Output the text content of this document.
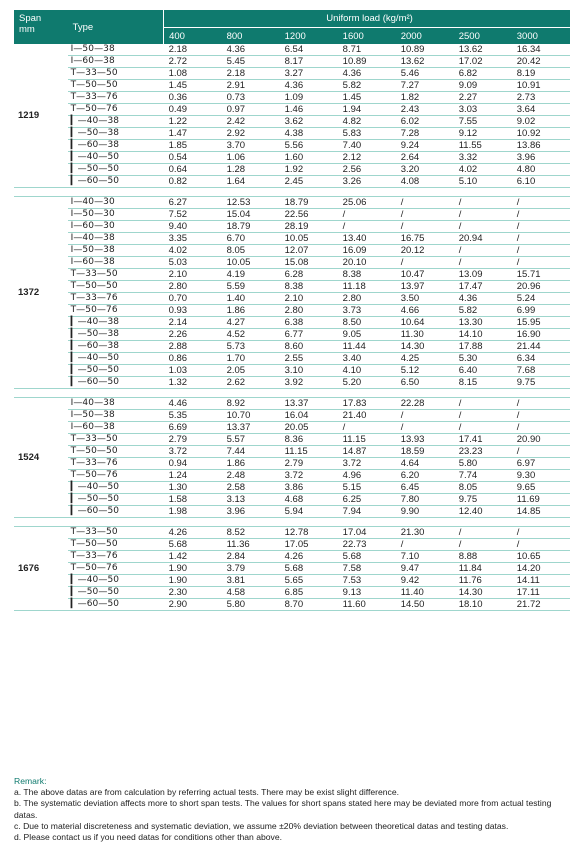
Span
mm	Type	Uniform load (kg/m²)						
		400	800	1200	1600	2000	2500	3000
1219	I—50—38	2.18	4.36	6.54	8.71	10.89	13.62	16.34
	I—60—38	2.72	5.45	8.17	10.89	13.62	17.02	20.42
	T—33—50	1.08	2.18	3.27	4.36	5.46	6.82	8.19
	T—50—50	1.45	2.91	4.36	5.82	7.27	9.09	10.91
	T—33—76	0.36	0.73	1.09	1.45	1.82	2.27	2.73
	T—50—76	0.49	0.97	1.46	1.94	2.43	3.03	3.64
	▎—40—38	1.22	2.42	3.62	4.82	6.02	7.55	9.02
	▎—50—38	1.47	2.92	4.38	5.83	7.28	9.12	10.92
	▎—60—38	1.85	3.70	5.56	7.40	9.24	11.55	13.86
	▎—40—50	0.54	1.06	1.60	2.12	2.64	3.32	3.96
	▎—50—50	0.64	1.28	1.92	2.56	3.20	4.02	4.80
	▎—60—50	0.82	1.64	2.45	3.26	4.08	5.10	6.10

1372	I—40—30	6.27	12.53	18.79	25.06	/	/	/
	I—50—30	7.52	15.04	22.56	/	/	/	/
	I—60—30	9.40	18.79	28.19	/	/	/	/
	I—40—38	3.35	6.70	10.05	13.40	16.75	20.94	/
	I—50—38	4.02	8.05	12.07	16.09	20.12	/	/
	I—60—38	5.03	10.05	15.08	20.10	/	/	/
	T—33—50	2.10	4.19	6.28	8.38	10.47	13.09	15.71
	T—50—50	2.80	5.59	8.38	11.18	13.97	17.47	20.96
	T—33—76	0.70	1.40	2.10	2.80	3.50	4.36	5.24
	T—50—76	0.93	1.86	2.80	3.73	4.66	5.82	6.99
	▎—40—38	2.14	4.27	6.38	8.50	10.64	13.30	15.95
	▎—50—38	2.26	4.52	6.77	9.05	11.30	14.10	16.90
	▎—60—38	2.88	5.73	8.60	11.44	14.30	17.88	21.44
	▎—40—50	0.86	1.70	2.55	3.40	4.25	5.30	6.34
	▎—50—50	1.03	2.05	3.10	4.10	5.12	6.40	7.68
	▎—60—50	1.32	2.62	3.92	5.20	6.50	8.15	9.75

1524	I—40—38	4.46	8.92	13.37	17.83	22.28	/	/
	I—50—38	5.35	10.70	16.04	21.40	/	/	/
	I—60—38	6.69	13.37	20.05	/	/	/	/
	T—33—50	2.79	5.57	8.36	11.15	13.93	17.41	20.90
	T—50—50	3.72	7.44	11.15	14.87	18.59	23.23	/
	T—33—76	0.94	1.86	2.79	3.72	4.64	5.80	6.97
	T—50—76	1.24	2.48	3.72	4.96	6.20	7.74	9.30
	▎—40—50	1.30	2.58	3.86	5.15	6.45	8.05	9.65
	▎—50—50	1.58	3.13	4.68	6.25	7.80	9.75	11.69
	▎—60—50	1.98	3.96	5.94	7.94	9.90	12.40	14.85

1676	T—33—50	4.26	8.52	12.78	17.04	21.30	/	/
	T—50—50	5.68	11.36	17.05	22.73	/	/	/
	T—33—76	1.42	2.84	4.26	5.68	7.10	8.88	10.65
	T—50—76	1.90	3.79	5.68	7.58	9.47	11.84	14.20
	▎—40—50	1.90	3.81	5.65	7.53	9.42	11.76	14.11
	▎—50—50	2.30	4.58	6.85	9.13	11.40	14.30	17.11
	▎—60—50	2.90	5.80	8.70	11.60	14.50	18.10	21.72
Remark:
a. The above datas are from calculation by referring actual tests. There may be exist slight difference.
b. The systematic deviation affects more to short span tests. The values for short spans stated here may be deviated more from actual testing datas.
c. Due to material discreteness and systematic deviation, we assume ±20% deviation between theoretical datas and testing datas.
d. Please contact us if you need datas for conditions other than above.
